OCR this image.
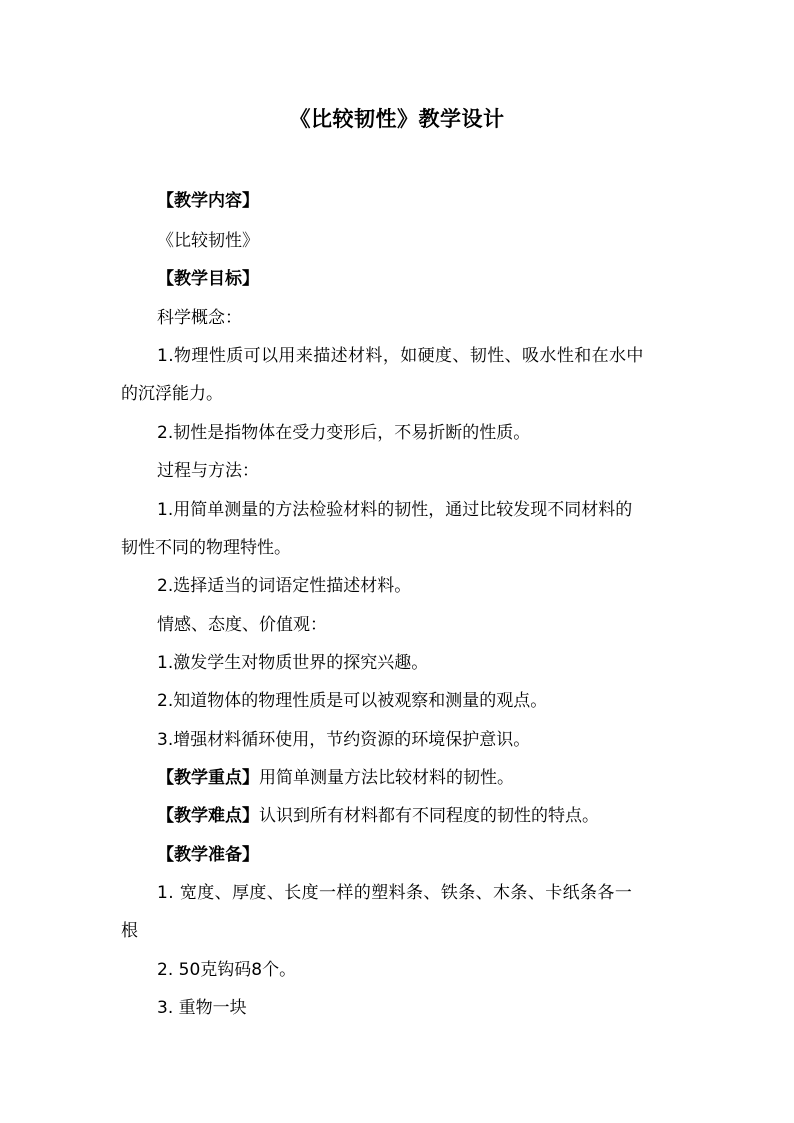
《比较韧性》教学设计
【教学内容】
《比较韧性》
【教学目标】
科学概念：
1.物理性质可以用来描述材料，如硬度、韧性、吸水性和在水中
的沉浮能力。
2.韧性是指物体在受力变形后，不易折断的性质。
过程与方法：
1.用简单测量的方法检验材料的韧性，通过比较发现不同材料的
韧性不同的物理特性。
2.选择适当的词语定性描述材料。
情感、态度、价值观：
1.激发学生对物质世界的探究兴趣。
2.知道物体的物理性质是可以被观察和测量的观点。
3.增强材料循环使用，节约资源的环境保护意识。
【教学重点】用简单测量方法比较材料的韧性。
【教学难点】认识到所有材料都有不同程度的韧性的特点。
【教学准备】
1. 宽度、厚度、长度一样的塑料条、铁条、木条、卡纸条各一
根
2. 50克钩码8个。
3. 重物一块
